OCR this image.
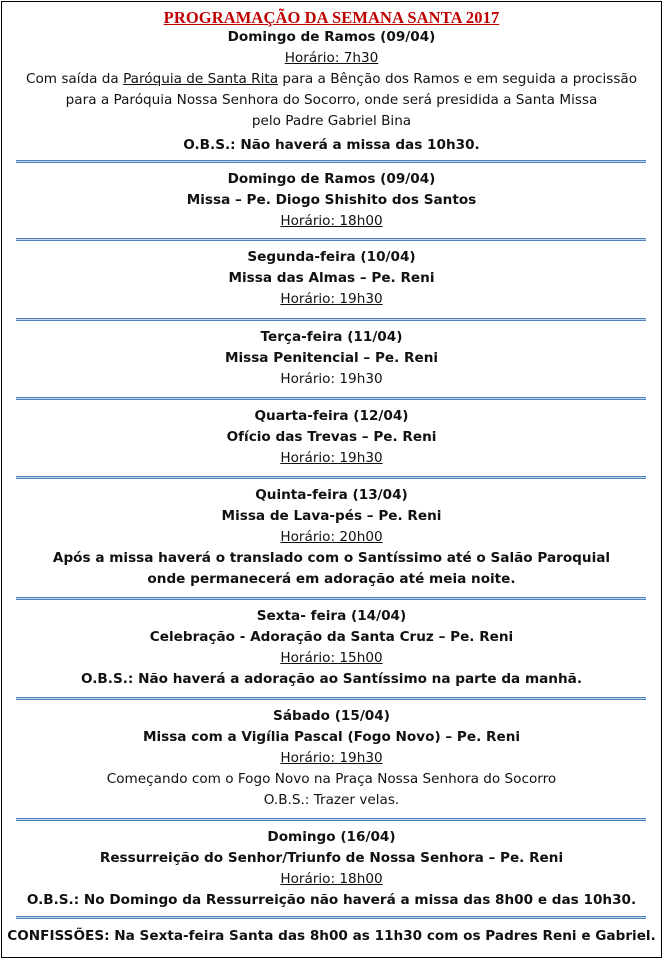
PROGRAMAÇÃO DA SEMANA SANTA 2017
Domingo de Ramos (09/04)
Horário: 7h30
Com saída da Paróquia de Santa Rita para a Bênção dos Ramos e em seguida a procissão
para a Paróquia Nossa Senhora do Socorro, onde será presidida a Santa Missa
pelo Padre Gabriel Bina
O.B.S.: Não haverá a missa das 10h30.
Domingo de Ramos (09/04)
Missa – Pe. Diogo Shishito dos Santos
Horário: 18h00
Segunda-feira (10/04)
Missa das Almas – Pe. Reni
Horário: 19h30
Terça-feira (11/04)
Missa Penitencial – Pe. Reni
Horário: 19h30
Quarta-feira (12/04)
Ofício das Trevas – Pe. Reni
Horário: 19h30
Quinta-feira (13/04)
Missa de Lava-pés – Pe. Reni
Horário: 20h00
Após a missa haverá o translado com o Santíssimo até o Salão Paroquial
onde permanecerá em adoração até meia noite.
Sexta- feira (14/04)
Celebração - Adoração da Santa Cruz – Pe. Reni
Horário: 15h00
O.B.S.: Não haverá a adoração ao Santíssimo na parte da manhã.
Sábado (15/04)
Missa com a Vigília Pascal (Fogo Novo) – Pe. Reni
Horário: 19h30
Começando com o Fogo Novo na Praça Nossa Senhora do Socorro
O.B.S.: Trazer velas.
Domingo (16/04)
Ressurreição do Senhor/Triunfo de Nossa Senhora – Pe. Reni
Horário: 18h00
O.B.S.: No Domingo da Ressurreição não haverá a missa das 8h00 e das 10h30.
CONFISSÕES: Na Sexta-feira Santa das 8h00 as 11h30 com os Padres Reni e Gabriel.
